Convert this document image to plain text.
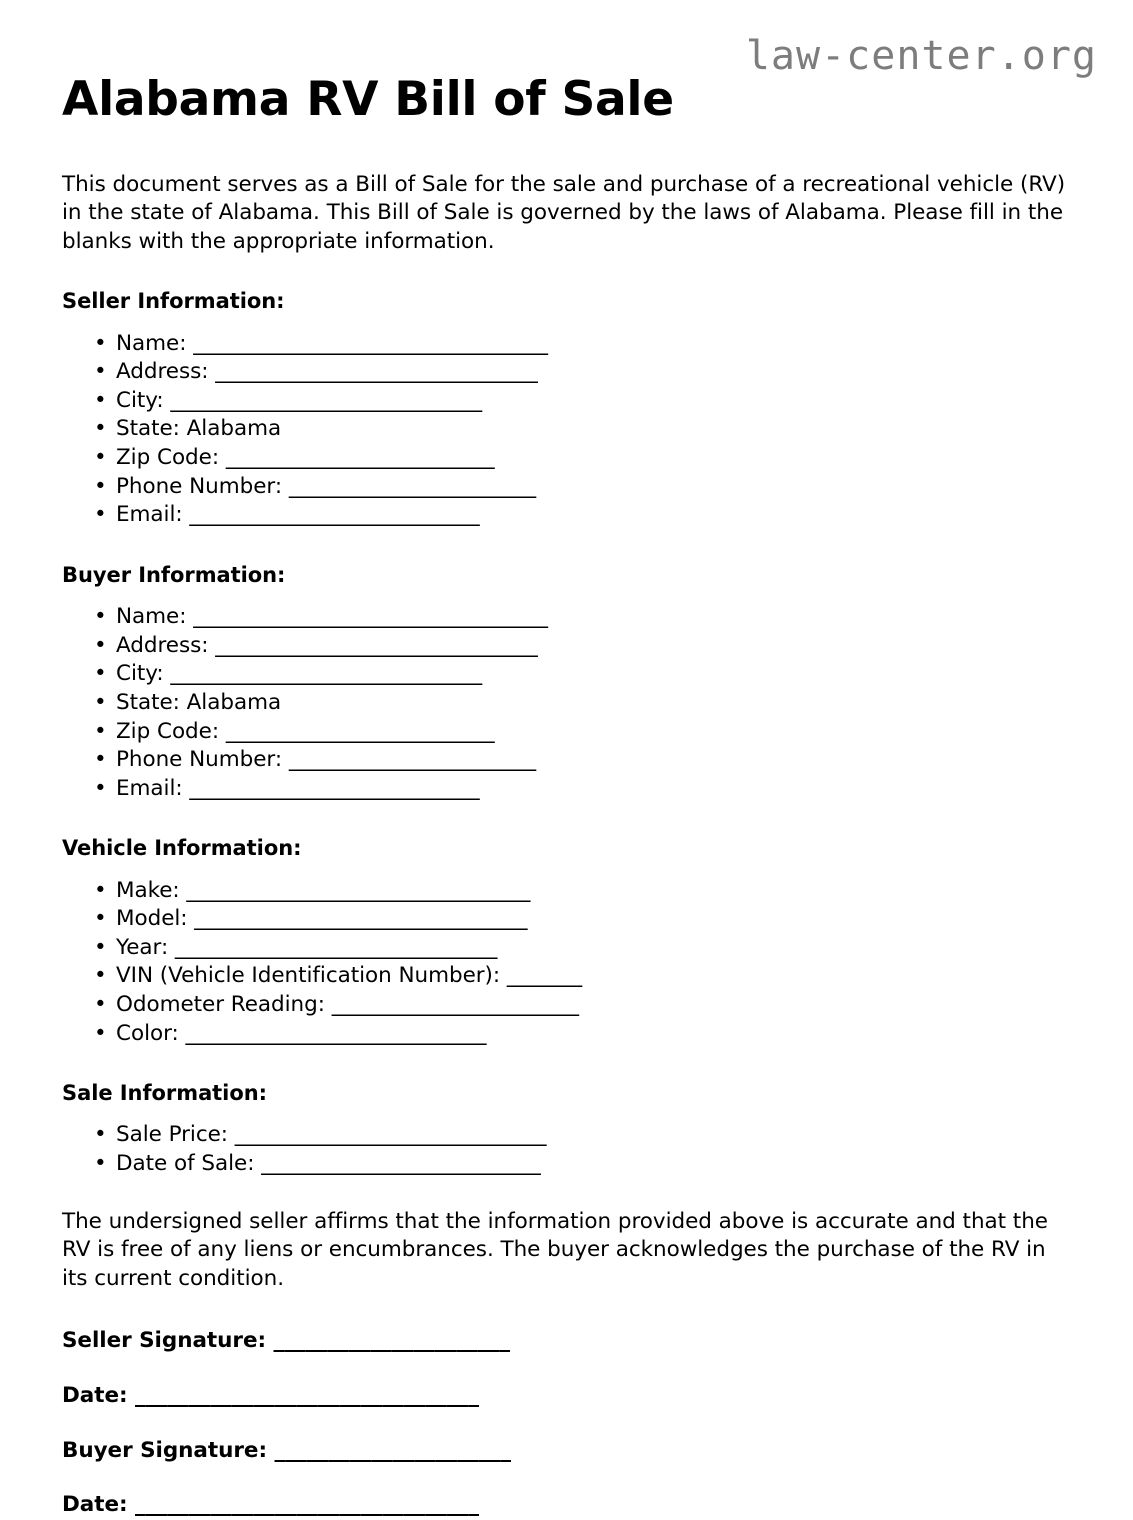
law-center.org
Alabama RV Bill of Sale

This document serves as a Bill of Sale for the sale and purchase of a recreational vehicle (RV) in the state of Alabama. This Bill of Sale is governed by the laws of Alabama. Please fill in the blanks with the appropriate information.

Seller Information:
• Name: _________________________________
• Address: ______________________________
• City: _____________________________
• State: Alabama
• Zip Code: _________________________
• Phone Number: _______________________
• Email: ___________________________
Buyer Information:
• Name: _________________________________
• Address: ______________________________
• City: _____________________________
• State: Alabama
• Zip Code: _________________________
• Phone Number: _______________________
• Email: ___________________________
Vehicle Information:
• Make: ________________________________
• Model: _______________________________
• Year: ______________________________
• VIN (Vehicle Identification Number): _______
• Odometer Reading: _______________________
• Color: ____________________________
Sale Information:
• Sale Price: _____________________________
• Date of Sale: __________________________

The undersigned seller affirms that the information provided above is accurate and that the RV is free of any liens or encumbrances. The buyer acknowledges the purchase of the RV in its current condition.

Seller Signature: ______________________
Date: ________________________________
Buyer Signature: ______________________
Date: ________________________________
